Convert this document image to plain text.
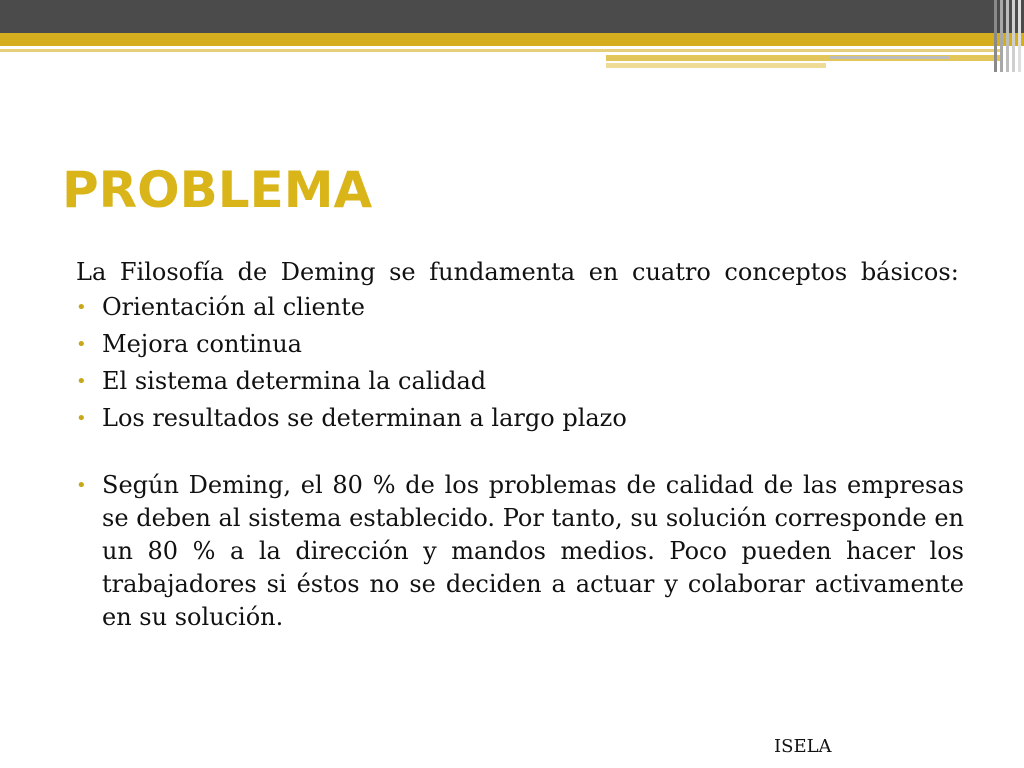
PROBLEMA

La Filosofía de Deming se fundamenta en cuatro conceptos básicos:

• Orientación al cliente
• Mejora continua
• El sistema determina la calidad
• Los resultados se determinan a largo plazo

• Según Deming, el 80 % de los problemas de calidad de las empresas se deben al sistema establecido. Por tanto, su solución corresponde en un 80 % a la dirección y mandos medios. Poco pueden hacer los trabajadores si éstos no se deciden a actuar y colaborar activamente en su solución.

ISELA
